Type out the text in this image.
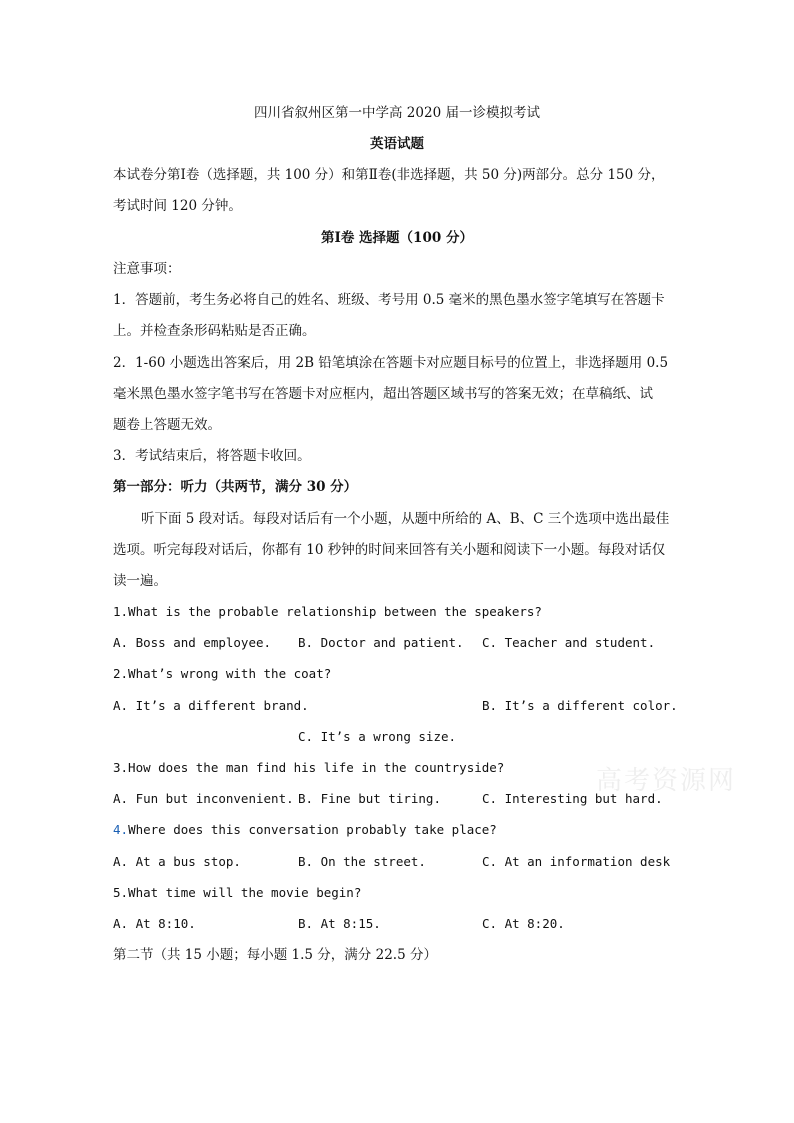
四川省叙州区第一中学高 2020 届一诊模拟考试
英语试题
本试卷分第Ⅰ卷（选择题，共 100 分）和第Ⅱ卷(非选择题，共 50 分)两部分。总分 150 分，
考试时间 120 分钟。
第Ⅰ卷 选择题（100 分）
注意事项：
1．答题前，考生务必将自己的姓名、班级、考号用 0.5 毫米的黑色墨水签字笔填写在答题卡
上。并检查条形码粘贴是否正确。
2．1-60 小题选出答案后，用 2B 铅笔填涂在答题卡对应题目标号的位置上，非选择题用 0.5
毫米黑色墨水签字笔书写在答题卡对应框内，超出答题区域书写的答案无效；在草稿纸、试
题卷上答题无效。
3．考试结束后，将答题卡收回。
第一部分：听力（共两节，满分 30 分）
听下面 5 段对话。每段对话后有一个小题，从题中所给的 A、B、C 三个选项中选出最佳
选项。听完每段对话后，你都有 10 秒钟的时间来回答有关小题和阅读下一小题。每段对话仅
读一遍。
1.What is the probable relationship between the speakers?
A. Boss and employee. B. Doctor and patient. C. Teacher and student.
2.What’s wrong with the coat?
A. It’s a different brand.	B. It’s a different color.
C. It’s a wrong size.
高考资源网
3.How does the man find his life in the countryside?
A. Fun but inconvenient. B. Fine but tiring.	C. Interesting but hard.
4.Where does this conversation probably take place?
A. At a bus stop.	B. On the street.	C. At an information desk
5.What time will the movie begin?
A. At 8:10.	B. At 8:15.	C. At 8:20.
第二节（共 15 小题；每小题 1.5 分，满分 22.5 分）
